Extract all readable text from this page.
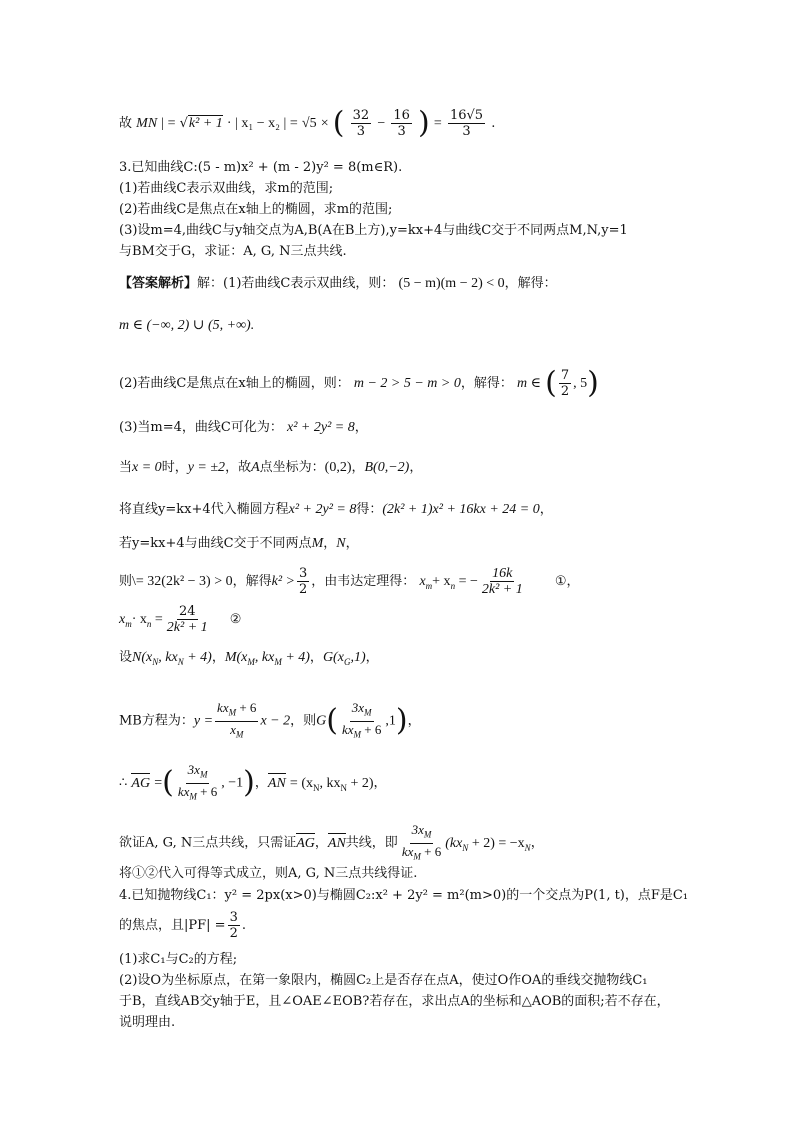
故 MN | = √k² + 1 · | x₁ − x₂ | = √5 × ( $\frac{32}{3} - \frac{16}{3}$ ) = $\frac{16√5}{3}$ .
3.已知曲线C:(5 - m)x² + (m - 2)y² = 8(m∈R).
(1)若曲线C表示双曲线，求m的范围;
(2)若曲线C是焦点在x轴上的椭圆，求m的范围;
(3)设m=4,曲线C与y轴交点为A,B(A在B上方),y=kx+4与曲线C交于不同两点M,N,y=1
与BM交于G，求证：A, G, N三点共线.
【答案解析】解：(1)若曲线C表示双曲线，则： (5 − m)(m − 2) < 0，解得：
m ∈ (−∞, 2) ∪ (5, +∞).
(2)若曲线C是焦点在x轴上的椭圆，则： m − 2 > 5 − m > 0，解得： m ∈ ( $\frac{7}{2}$ , 5)
(3)当m=4，曲线C可化为： x² + 2y² = 8，
当x = 0时，y = ±2，故A点坐标为：(0,2)，B(0,−2)，
将直线y=kx+4代入椭圆方程x² + 2y² = 8得：(2k² + 1)x² + 16kx + 24 = 0，
若y=kx+4与曲线C交于不同两点M，N，
则\= 32(2k² − 3) > 0，解得$k^2 > \frac{3}{2}$ ，由韦达定理得： $x_m+ x_n$ = − $\frac{16k}{\text{2k² + 1}}$ ①，
$x_m\cdot x_n = \frac{24}{\text{2k² + 1}}$ ②
设$N(x_N$, $kx_N + 4$)，$M(x_M$, $kx_M + 4$)，$G(x_G,1)$，
MB方程为：$y = \frac{kx_M + 6}{x_M}$ x − 2，则$G( \frac{3x_M}{kx_M + 6} ,1)$，
∴ AG =( $\frac{3x_M}{kx_M + 6}$ , −1)，AN = ($x_N$, $kx_N + 2$)，
欲证A, G, N三点共线，只需证AG，AN共线，即 $\frac{3x_M}{kx_M + 6} (kx_N + 2) = -x_N$，
将①②代入可得等式成立，则A, G, N三点共线得证.
4.已知抛物线C₁：y² = 2px(x>0)与椭圆C₂:x² + 2y² = m²(m>0)的一个交点为P(1, t)，点F是C₁
的焦点，且$|PF| = \frac{3}{2}$ .
(1)求C₁与C₂的方程;
(2)设O为坐标原点，在第一象限内，椭圆C₂上是否存在点A，使过O作OA的垂线交抛物线C₁
于B，直线AB交y轴于E，且∠OAE∠EOB?若存在，求出点A的坐标和△AOB的面积;若不存在，
说明理由.
